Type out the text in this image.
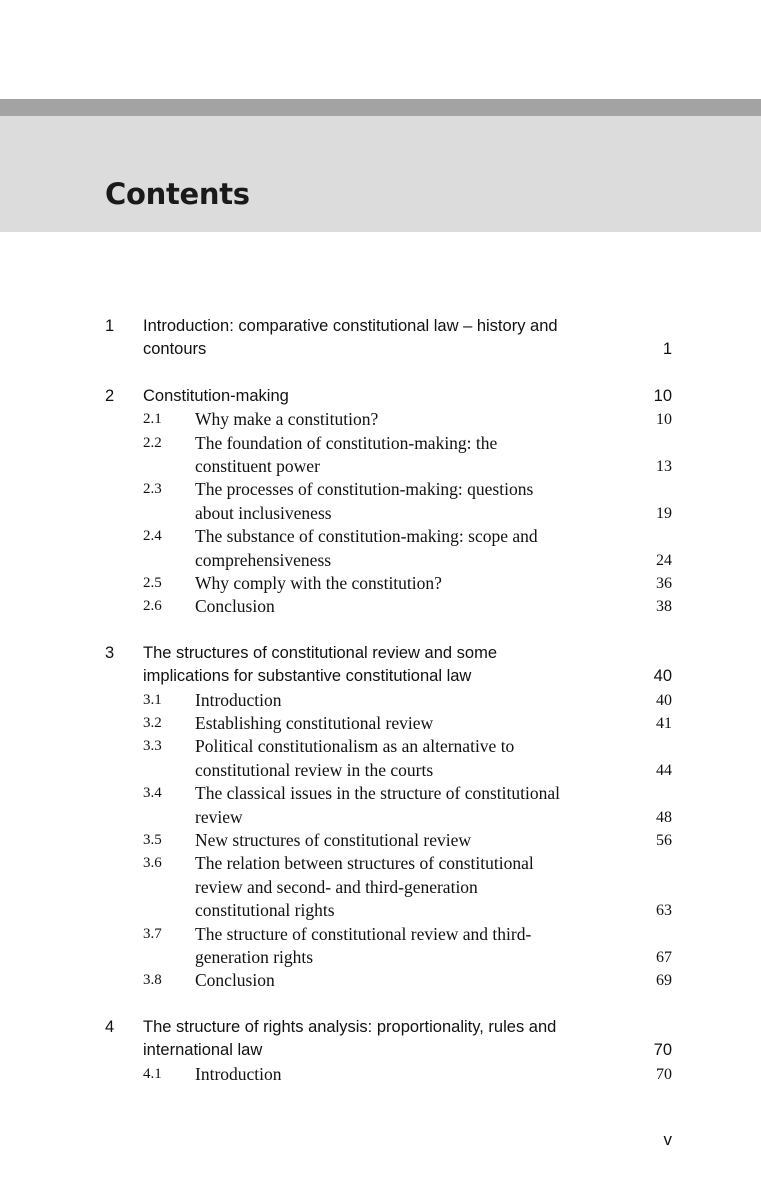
Contents
1 Introduction: comparative constitutional law – history and
contours	1
2 Constitution-making	10
2.1 Why make a constitution?	10
2.2 The foundation of constitution-making: the
constituent power	13
2.3 The processes of constitution-making: questions
about inclusiveness	19
2.4 The substance of constitution-making: scope and
comprehensiveness	24
2.5 Why comply with the constitution?	36
2.6 Conclusion	38
3 The structures of constitutional review and some
implications for substantive constitutional law	40
3.1 Introduction	40
3.2 Establishing constitutional review	41
3.3 Political constitutionalism as an alternative to
constitutional review in the courts	44
3.4 The classical issues in the structure of constitutional
review	48
3.5 New structures of constitutional review	56
3.6 The relation between structures of constitutional
review and second- and third-generation
constitutional rights	63
3.7 The structure of constitutional review and third-
generation rights	67
3.8 Conclusion	69
4 The structure of rights analysis: proportionality, rules and
international law	70
4.1 Introduction	70
v
